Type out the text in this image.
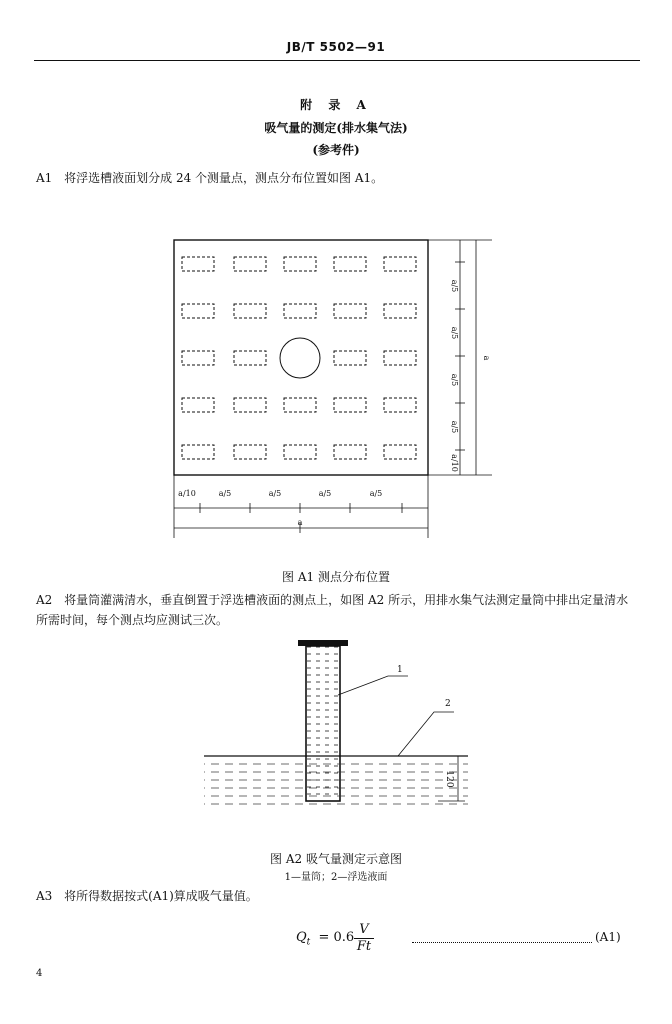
JB/T 5502—91
附 录 A
吸气量的测定(排水集气法)
(参考件)
A1 将浮选槽液面划分成 24 个测量点，测点分布位置如图 A1。
a/5
a/5
a/5
a/5
a/10
a
a/10	a/5	a/5	a/5	a/5
a
图 A1 测点分布位置
A2 将量筒灌满清水，垂直倒置于浮选槽液面的测点上，如图 A2 所示，用排水集气法测定量筒中排出定量清水所需时间，每个测点均应测试三次。
1
2
120
图 A2 吸气量测定示意图
1—量筒；2—浮选液面
A3 将所得数据按式(A1)算成吸气量值。
$Q_t = 0.6 \frac{V}{Ft}$	(A1)
4
